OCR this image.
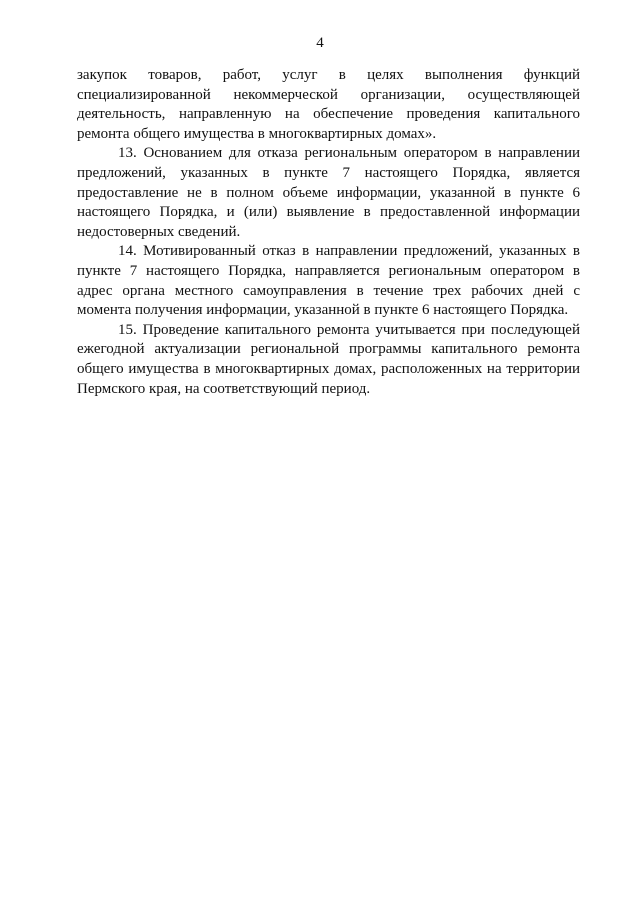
4

закупок товаров, работ, услуг в целях выполнения функций специализированной некоммерческой организации, осуществляющей деятельность, направленную на обеспечение проведения капитального ремонта общего имущества в многоквартирных домах».

13. Основанием для отказа региональным оператором в направлении предложений, указанных в пункте 7 настоящего Порядка, является предоставление не в полном объеме информации, указанной в пункте 6 настоящего Порядка, и (или) выявление в предоставленной информации недостоверных сведений.

14. Мотивированный отказ в направлении предложений, указанных в пункте 7 настоящего Порядка, направляется региональным оператором в адрес органа местного самоуправления в течение трех рабочих дней с момента получения информации, указанной в пункте 6 настоящего Порядка.

15. Проведение капитального ремонта учитывается при последующей ежегодной актуализации региональной программы капитального ремонта общего имущества в многоквартирных домах, расположенных на территории Пермского края, на соответствующий период.
